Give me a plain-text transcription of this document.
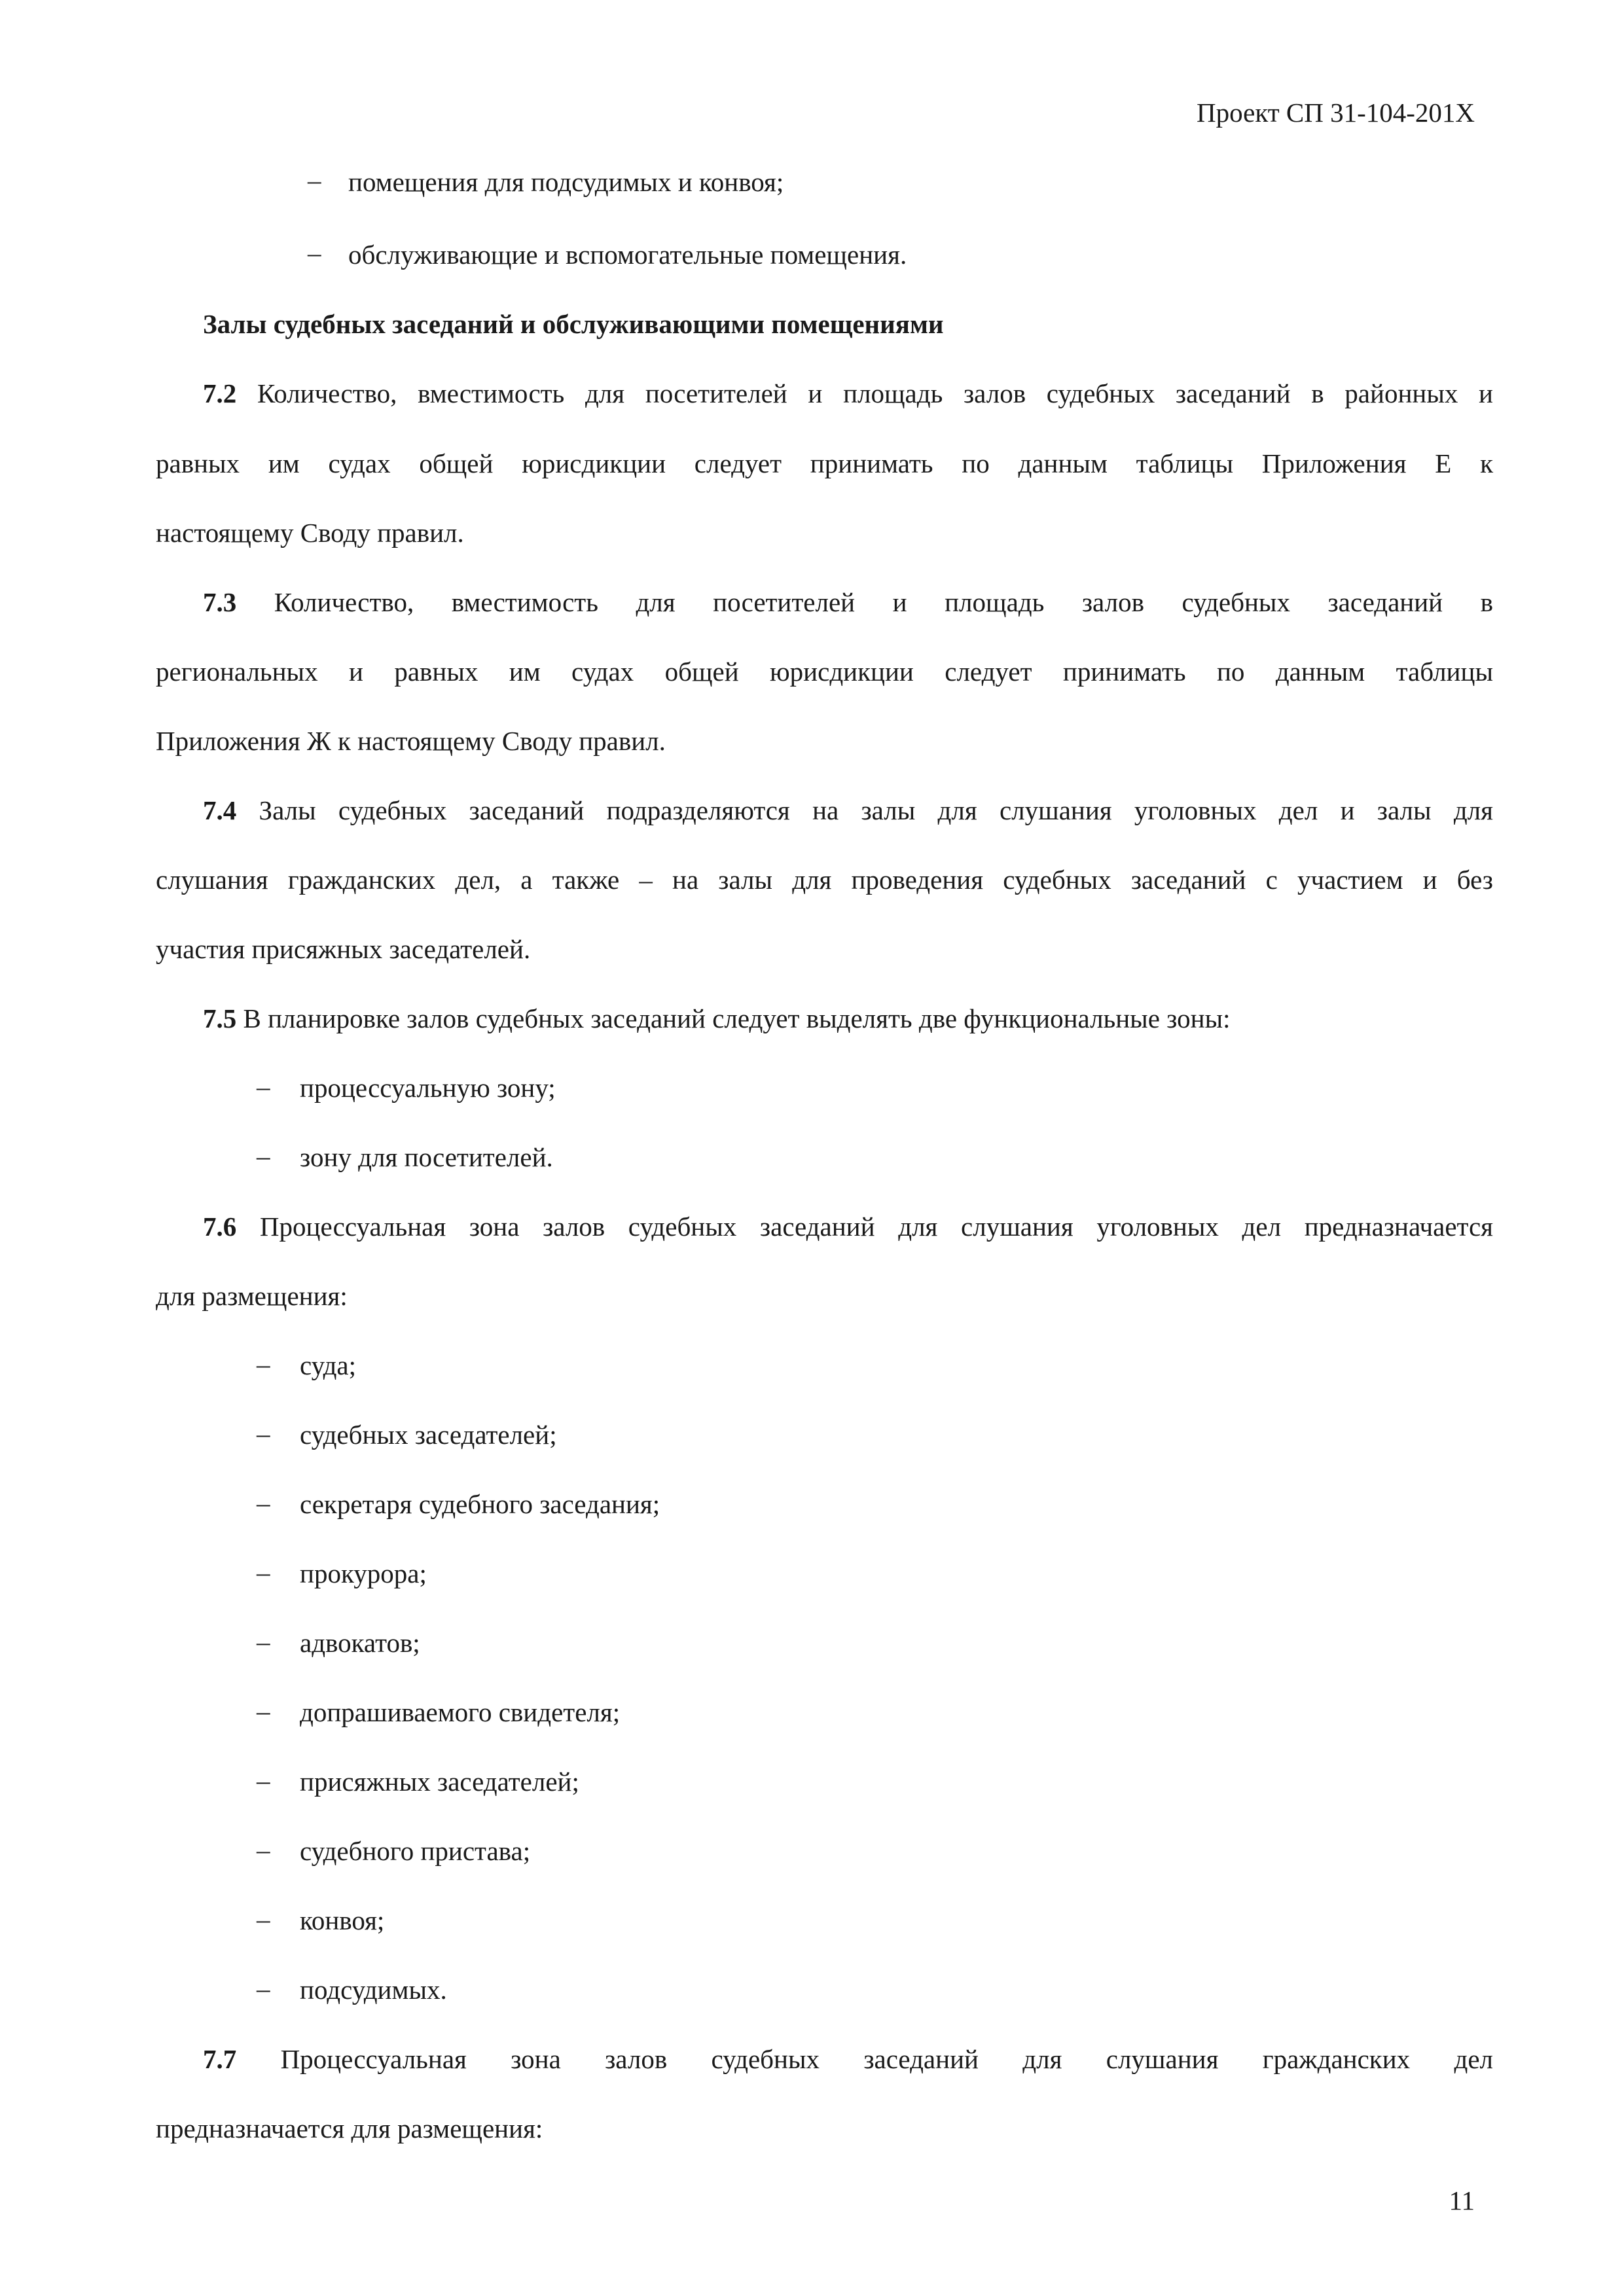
Проект СП 31-104-201Х
– помещения для подсудимых и конвоя;
– обслуживающие и вспомогательные помещения.
Залы судебных заседаний и обслуживающими помещениями
7.2 Количество, вместимость для посетителей и площадь залов судебных заседаний в районных и
равных им судах общей юрисдикции следует принимать по данным таблицы Приложения Е к
настоящему Своду правил.
7.3 Количество, вместимость для посетителей и площадь залов судебных заседаний в
региональных и равных им судах общей юрисдикции следует принимать по данным таблицы
Приложения Ж к настоящему Своду правил.
7.4 Залы судебных заседаний подразделяются на залы для слушания уголовных дел и залы для
слушания гражданских дел, а также – на залы для проведения судебных заседаний с участием и без
участия присяжных заседателей.
7.5 В планировке залов судебных заседаний следует выделять две функциональные зоны:
– процессуальную зону;
– зону для посетителей.
7.6 Процессуальная зона залов судебных заседаний для слушания уголовных дел предназначается
для размещения:
– суда;
– судебных заседателей;
– секретаря судебного заседания;
– прокурора;
– адвокатов;
– допрашиваемого свидетеля;
– присяжных заседателей;
– судебного пристава;
– конвоя;
– подсудимых.
7.7 Процессуальная зона залов судебных заседаний для слушания гражданских дел
предназначается для размещения:
11
